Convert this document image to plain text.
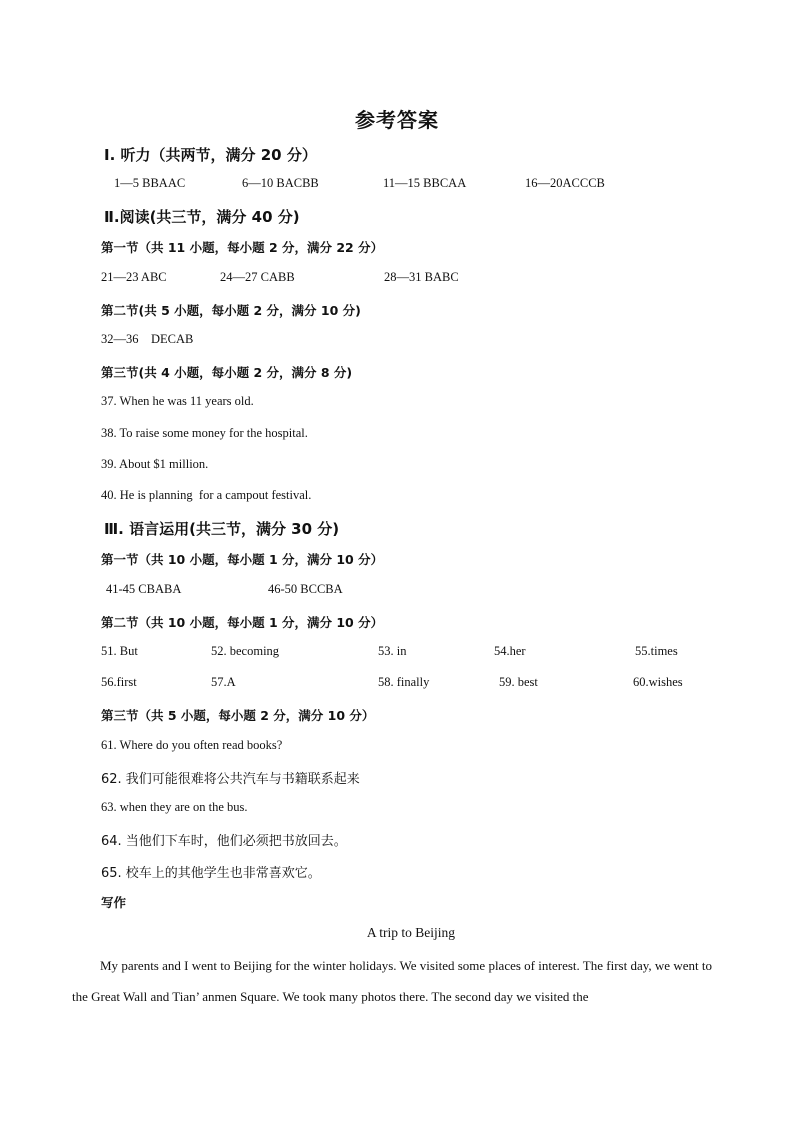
参考答案
Ⅰ. 听力（共两节，满分 20 分）
1—5 BBAAC	6—10 BACBB	11—15 BBCAA	16—20ACCCB
Ⅱ.阅读(共三节，满分 40 分)
第一节（共 11 小题，每小题 2 分，满分 22 分）
21—23 ABC	24—27 CABB	28—31 BABC
第二节(共 5 小题，每小题 2 分，满分 10 分)
32—36    DECAB
第三节(共 4 小题，每小题 2 分，满分 8 分)
37. When he was 11 years old.
38. To raise some money for the hospital.
39. About $1 million.
40. He is planning  for a campout festival.
Ⅲ. 语言运用(共三节，满分 30 分)
第一节（共 10 小题，每小题 1 分，满分 10 分）
41-45 CBABA	46-50 BCCBA
第二节（共 10 小题，每小题 1 分，满分 10 分）
51. But	52. becoming	53. in	54.her	55.times
56.first	57.A	58. finally	59. best	60.wishes
第三节（共 5 小题，每小题 2 分，满分 10 分）
61. Where do you often read books?
62. 我们可能很难将公共汽车与书籍联系起来
63. when they are on the bus.
64. 当他们下车时，他们必须把书放回去。
65. 校车上的其他学生也非常喜欢它。
写作
A trip to Beijing
My parents and I went to Beijing for the winter holidays. We visited some places of interest. The first day, we went to the Great Wall and Tian’ anmen Square. We took many photos there. The second day we visited the
